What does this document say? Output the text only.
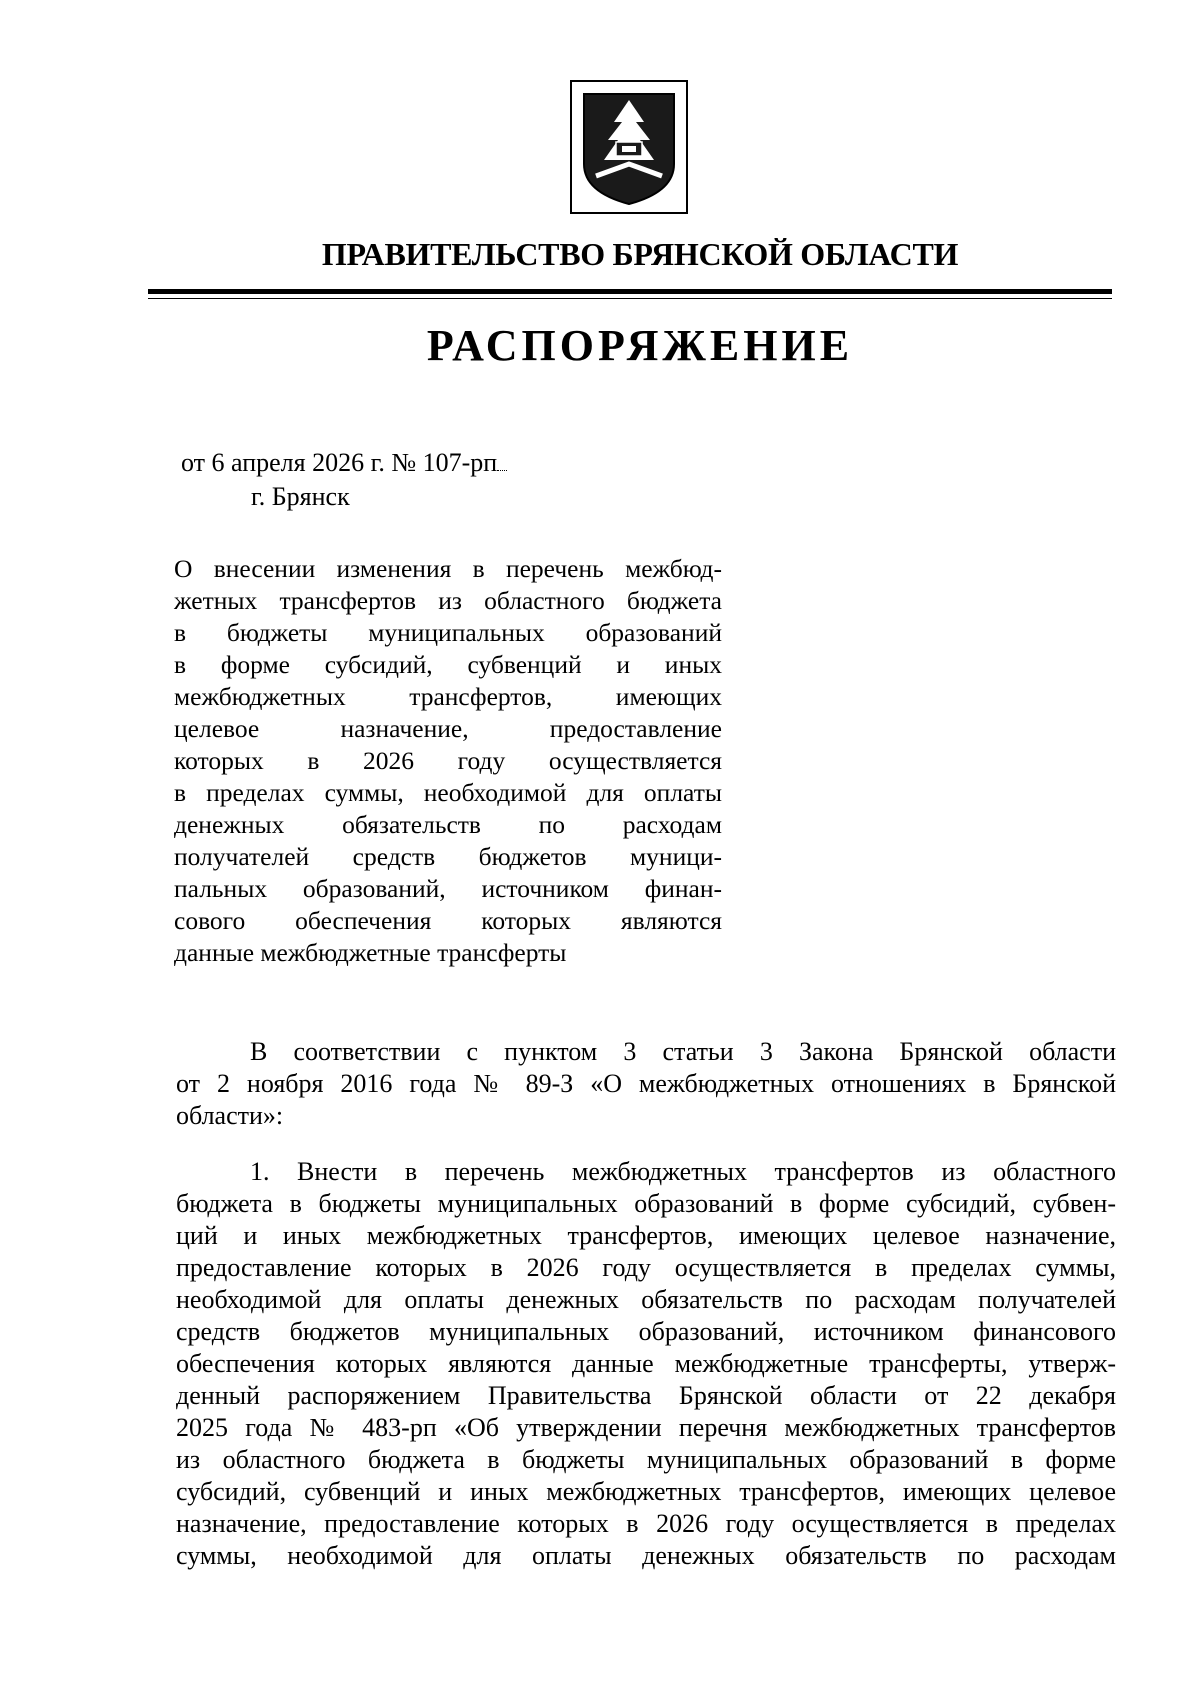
ПРАВИТЕЛЬСТВО БРЯНСКОЙ ОБЛАСТИ
РАСПОРЯЖЕНИЕ
от 6 апреля 2026 г. № 107-рп
г. Брянск
О внесении изменения в перечень межбюд-
жетных трансфертов из областного бюджета
в бюджеты муниципальных образований
в форме субсидий, субвенций и иных
межбюджетных трансфертов, имеющих
целевое назначение, предоставление
которых в 2026 году осуществляется
в пределах суммы, необходимой для оплаты
денежных обязательств по расходам
получателей средств бюджетов муници-
пальных образований, источником финан-
сового обеспечения которых являются
данные межбюджетные трансферты
В соответствии с пунктом 3 статьи 3 Закона Брянской области
от 2 ноября 2016 года № 89-З «О межбюджетных отношениях в Брянской
области»:
1. Внести в перечень межбюджетных трансфертов из областного
бюджета в бюджеты муниципальных образований в форме субсидий, субвен-
ций и иных межбюджетных трансфертов, имеющих целевое назначение,
предоставление которых в 2026 году осуществляется в пределах суммы,
необходимой для оплаты денежных обязательств по расходам получателей
средств бюджетов муниципальных образований, источником финансового
обеспечения которых являются данные межбюджетные трансферты, утверж-
денный распоряжением Правительства Брянской области от 22 декабря
2025 года № 483-рп «Об утверждении перечня межбюджетных трансфертов
из областного бюджета в бюджеты муниципальных образований в форме
субсидий, субвенций и иных межбюджетных трансфертов, имеющих целевое
назначение, предоставление которых в 2026 году осуществляется в пределах
суммы, необходимой для оплаты денежных обязательств по расходам
